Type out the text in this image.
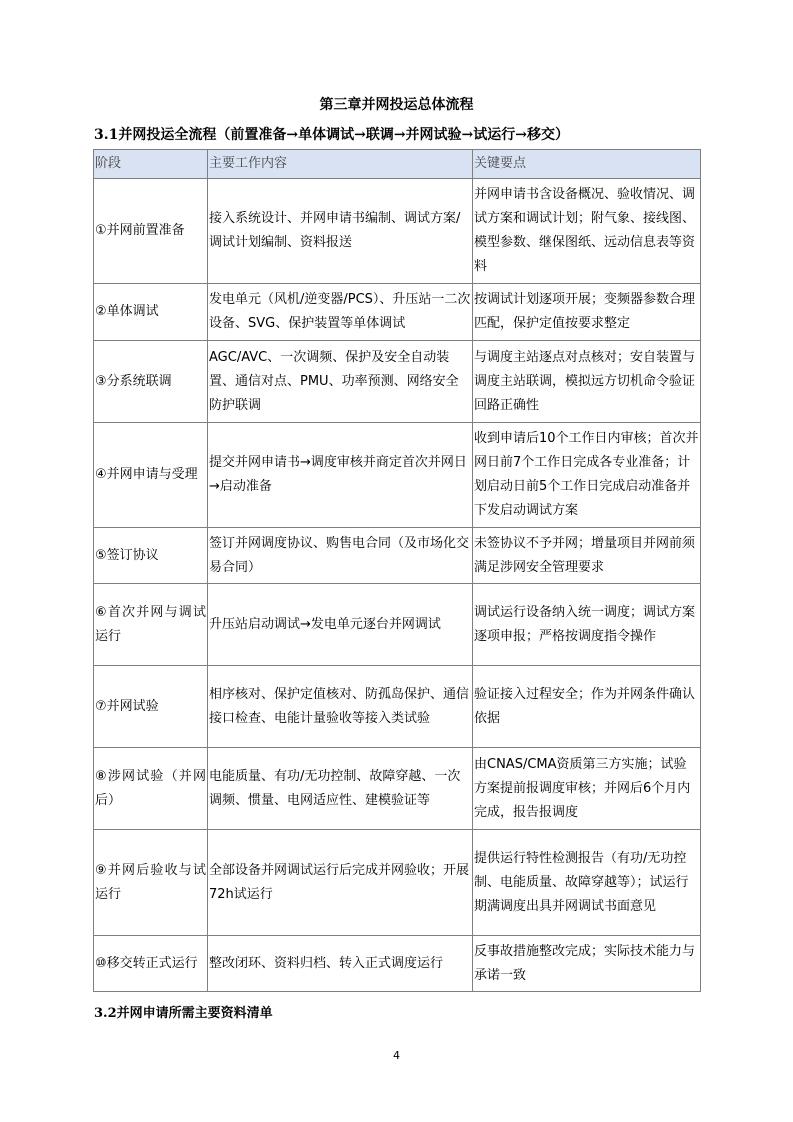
第三章并网投运总体流程
3.1并网投运全流程（前置准备→单体调试→联调→并网试验→试运行→移交）
阶段	主要工作内容	关键要点
①并网前置准备	接入系统设计、并网申请书编制、调试方案/调试计划编制、资料报送	并网申请书含设备概况、验收情况、调试方案和调试计划；附气象、接线图、模型参数、继保图纸、远动信息表等资料
②单体调试	发电单元（风机/逆变器/PCS）、升压站一二次设备、SVG、保护装置等单体调试	按调试计划逐项开展；变频器参数合理匹配，保护定值按要求整定
③分系统联调	AGC/AVC、一次调频、保护及安全自动装置、通信对点、PMU、功率预测、网络安全防护联调	与调度主站逐点对点核对；安自装置与调度主站联调，模拟远方切机命令验证回路正确性
④并网申请与受理	提交并网申请书→调度审核并商定首次并网日→启动准备	收到申请后10个工作日内审核；首次并网日前7个工作日完成各专业准备；计划启动日前5个工作日完成启动准备并下发启动调试方案
⑤签订协议	签订并网调度协议、购售电合同（及市场化交易合同）	未签协议不予并网；增量项目并网前须满足涉网安全管理要求
⑥首次并网与调试运行	升压站启动调试→发电单元逐台并网调试	调试运行设备纳入统一调度；调试方案逐项申报；严格按调度指令操作
⑦并网试验	相序核对、保护定值核对、防孤岛保护、通信接口检查、电能计量验收等接入类试验	验证接入过程安全；作为并网条件确认依据
⑧涉网试验（并网后）	电能质量、有功/无功控制、故障穿越、一次调频、惯量、电网适应性、建模验证等	由CNAS/CMA资质第三方实施；试验方案提前报调度审核；并网后6个月内完成，报告报调度
⑨并网后验收与试运行	全部设备并网调试运行后完成并网验收；开展72h试运行	提供运行特性检测报告（有功/无功控制、电能质量、故障穿越等）；试运行期满调度出具并网调试书面意见
⑩移交转正式运行	整改闭环、资料归档、转入正式调度运行	反事故措施整改完成；实际技术能力与承诺一致
3.2并网申请所需主要资料清单
4
